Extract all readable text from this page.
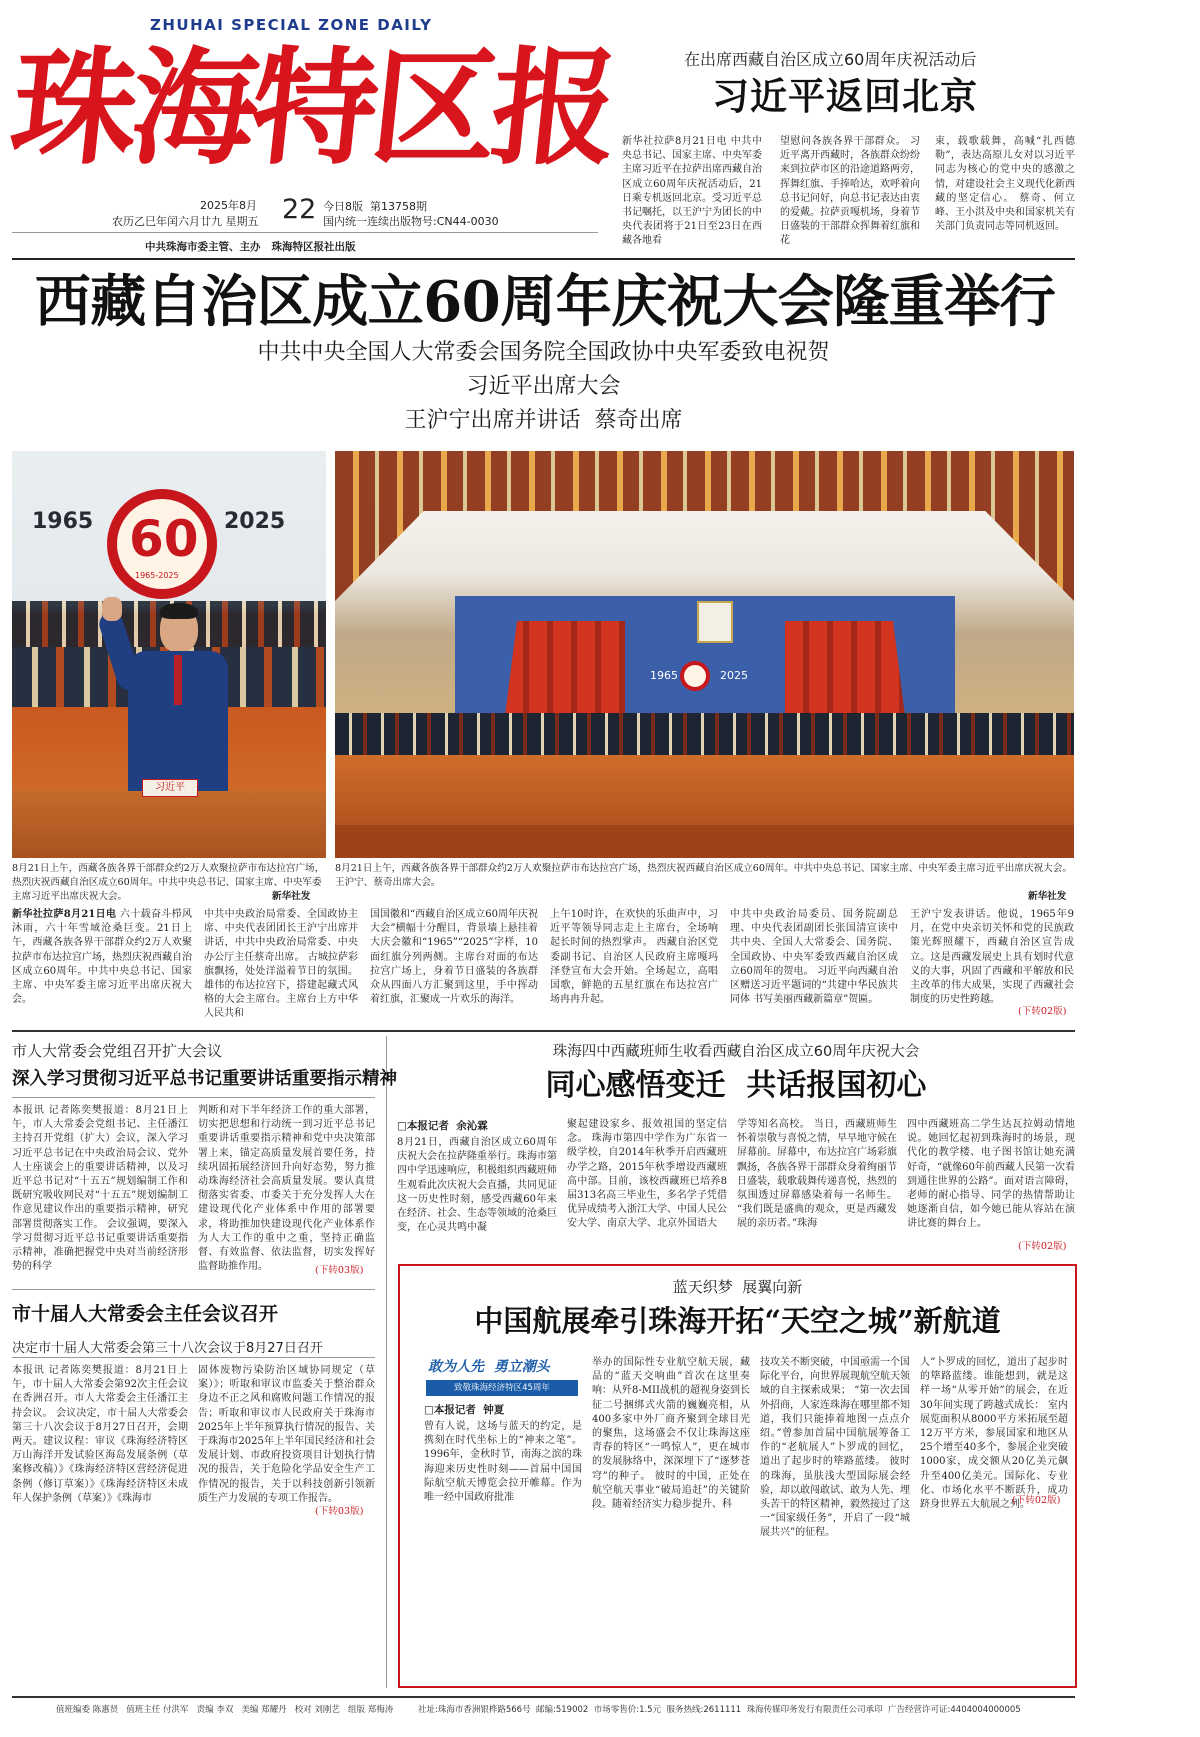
ZHUHAI SPECIAL ZONE DAILY
珠海特区报
2025年8月
农历乙巳年闰六月廿九 星期五 22 今日8版 第13758期
国内统一连续出版物号:CN44-0030
中共珠海市委主管、主办   珠海特区报社出版
在出席西藏自治区成立60周年庆祝活动后
习近平返回北京
新华社拉萨8月21日电 中共中央总书记、国家主席、中央军委主席习近平在拉萨出席西藏自治区成立60周年庆祝活动后，21日乘专机返回北京。受习近平总书记嘱托，以王沪宁为团长的中央代表团将于21日至23日在西藏各地看
望慰问各族各界干部群众。 习近平离开西藏时，各族群众纷纷来到拉萨市区的沿途道路两旁，挥舞红旗、手捧哈达，欢呼着向总书记问好，向总书记表达由衷的爱戴。拉萨贡嘎机场，身着节日盛装的干部群众挥舞着红旗和花
束，载歌载舞，高喊“扎西德勒”，表达高原儿女对以习近平同志为核心的党中央的感激之情，对建设社会主义现代化新西藏的坚定信心。 蔡奇、何立峰、王小洪及中央和国家机关有关部门负责同志等同机返回。
西藏自治区成立60周年庆祝大会隆重举行
中共中央全国人大常委会国务院全国政协中央军委致电祝贺
习近平出席大会
王沪宁出席并讲话  蔡奇出席
1965	2025
60
1965-2025
习近平
1965	2025
8月21日上午，西藏各族各界干部群众约2万人欢聚拉萨市布达拉宫广场，热烈庆祝西藏自治区成立60周年。中共中央总书记、国家主席、中央军委主席习近平出席庆祝大会。	新华社发
8月21日上午，西藏各族各界干部群众约2万人欢聚拉萨市布达拉宫广场，热烈庆祝西藏自治区成立60周年。中共中央总书记、国家主席、中央军委主席习近平出席庆祝大会。王沪宁、蔡奇出席大会。
新华社发
新华社拉萨8月21日电 六十载奋斗栉风沐雨，六十年雪域沧桑巨变。21日上午，西藏各族各界干部群众约2万人欢聚拉萨市布达拉宫广场，热烈庆祝西藏自治区成立60周年。中共中央总书记、国家主席、中央军委主席习近平出席庆祝大会。
中共中央政治局常委、全国政协主席、中央代表团团长王沪宁出席并讲话，中共中央政治局常委、中央办公厅主任蔡奇出席。 古城拉萨彩旗飘扬，处处洋溢着节日的氛围。雄伟的布达拉宫下，搭建起藏式风格的大会主席台。主席台上方中华人民共和
国国徽和“西藏自治区成立60周年庆祝大会”横幅十分醒目，背景墙上悬挂着大庆会徽和“1965”“2025”字样，10面红旗分列两侧。主席台对面的布达拉宫广场上，身着节日盛装的各族群众从四面八方汇聚到这里，手中挥动着红旗，汇聚成一片欢乐的海洋。
上午10时许，在欢快的乐曲声中，习近平等领导同志走上主席台，全场响起长时间的热烈掌声。 西藏自治区党委副书记、自治区人民政府主席嘎玛泽登宣布大会开始。全场起立，高唱国歌，鲜艳的五星红旗在布达拉宫广场冉冉升起。
中共中央政治局委员、国务院副总理、中央代表团副团长张国清宣读中共中央、全国人大常委会、国务院、全国政协、中央军委致西藏自治区成立60周年的贺电。 习近平向西藏自治区赠送习近平题词的“共建中华民族共同体 书写美丽西藏新篇章”贺匾。
王沪宁发表讲话。他说，1965年9月，在党中央亲切关怀和党的民族政策光辉照耀下，西藏自治区宣告成立。这是西藏发展史上具有划时代意义的大事，巩固了西藏和平解放和民主改革的伟大成果，实现了西藏社会制度的历史性跨越。
(下转02版)
市人大常委会党组召开扩大会议
深入学习贯彻习近平总书记重要讲话重要指示精神
本报讯 记者陈奕樊报道：8月21日上午，市人大常委会党组书记、主任潘江主持召开党组（扩大）会议，深入学习习近平总书记在中央政治局会议、党外人士座谈会上的重要讲话精神，以及习近平总书记对“十五五”规划编制工作和既研究吸收网民对“十五五”规划编制工作意见建议作出的重要指示精神，研究部署贯彻落实工作。 会议强调，要深入学习贯彻习近平总书记重要讲话重要指示精神，准确把握党中央对当前经济形势的科学
判断和对下半年经济工作的重大部署，切实把思想和行动统一到习近平总书记重要讲话重要指示精神和党中央决策部署上来，锚定高质量发展首要任务，持续巩固拓展经济回升向好态势，努力推动珠海经济社会高质量发展。要认真贯彻落实省委、市委关于充分发挥人大在建设现代化产业体系中作用的部署要求，将助推加快建设现代化产业体系作为人大工作的重中之重，坚持正确监督、有效监督、依法监督，切实发挥好监督助推作用。	(下转03版)
市十届人大常委会主任会议召开
决定市十届人大常委会第三十八次会议于8月27日召开
本报讯 记者陈奕樊报道：8月21日上午，市十届人大常委会第92次主任会议在香洲召开。市人大常委会主任潘江主持会议。 会议决定，市十届人大常委会第三十八次会议于8月27日召开，会期两天。建议议程：审议《珠海经济特区万山海洋开发试验区海岛发展条例（草案修改稿）》《珠海经济特区营经济促进条例（修订草案）》《珠海经济特区未成年人保护条例（草案）》《珠海市
固体废物污染防治区域协同规定（草案）》；听取和审议市监委关于整治群众身边不正之风和腐败问题工作情况的报告；听取和审议市人民政府关于珠海市2025年上半年预算执行情况的报告、关于珠海市2025年上半年国民经济和社会发展计划、市政府投资项目计划执行情况的报告，关于危险化学品安全生产工作情况的报告，关于以科技创新引领新质生产力发展的专项工作报告。
(下转03版)
珠海四中西藏班师生收看西藏自治区成立60周年庆祝大会
同心感悟变迁  共话报国初心
□本报记者  余沁霖
8月21日，西藏自治区成立60周年庆祝大会在拉萨隆重举行。珠海市第四中学迅速响应，积极组织西藏班师生观看此次庆祝大会直播，共同见证这一历史性时刻，感受西藏60年来在经济、社会、生态等领域的沧桑巨变，在心灵共鸣中凝
聚起建设家乡、报效祖国的坚定信念。 珠海市第四中学作为广东省一级学校，自2014年秋季开启西藏班办学之路，2015年秋季增设西藏班高中部。目前，该校西藏班已培养8届313名高三毕业生，多名学子凭借优异成绩考入浙江大学、中国人民公安大学、南京大学、北京外国语大
学等知名高校。 当日，西藏班师生怀着崇敬与喜悦之情，早早地守候在屏幕前。屏幕中，布达拉宫广场彩旗飘扬，各族各界干部群众身着绚丽节日盛装，载歌载舞传递喜悦，热烈的氛围透过屏幕感染着每一名师生。 “我们既是盛典的观众，更是西藏发展的亲历者。”珠海
四中西藏班高二学生达瓦拉姆动情地说。她回忆起初到珠海时的场景，现代化的教学楼、电子图书馆让她充满好奇，“就像60年前西藏人民第一次看到通往世界的公路”。面对语言障碍，老师的耐心指导、同学的热情帮助让她逐渐自信，如今她已能从容站在演讲比赛的舞台上。
(下转02版)
蓝天织梦  展翼向新
中国航展牵引珠海开拓“天空之城”新航道
敢为人先  勇立潮头
致敬珠海经济特区45周年
□本报记者  钟夏
曾有人说，这场与蓝天的约定，是携刻在时代坐标上的“神来之笔”。 1996年，金秋时节，南海之滨的珠海迎来历史性时刻——首届中国国际航空航天博览会拉开帷幕。作为唯一经中国政府批准
举办的国际性专业航空航天展，藏品的“蓝天交响曲”首次在这里奏响：从歼8-MII战机的超视身姿到长征二号捆绑式火箭的巍巍亮相，从400多家中外厂商齐聚到全球目光的聚焦，这场盛会不仅让珠海这座青春的特区“一鸣惊人”，更在城市的发展脉络中，深深埋下了“逐梦苍穹”的种子。 彼时的中国，正处在航空航天事业“破局追赶”的关键阶段。随着经济实力稳步提升、科
技攻关不断突破，中国亟需一个国际化平台，向世界展现航空航天领域的自主探索成果； “第一次去国外招商，人家连珠海在哪里都不知道，我们只能捧着地图一点点介绍。”曾参加首届中国航展筹备工作的“老航展人”卜罗成的回忆，道出了起步时的筚路蓝缕。 彼时的珠海，虽肤浅大型国际展会经验，却以敢闯敢试、敢为人先、埋头苦干的特区精神，毅然接过了这一“国家级任务”，开启了一段“城展共兴”的征程。
人”卜罗成的回忆，道出了起步时的筚路蓝缕。谁能想到，就是这样一场“从零开始”的展会，在近30年间实现了跨越式成长： 室内展览面积从8000平方米拓展至超12万平方米，参展国家和地区从25个增至40多个，参展企业突破1000家，成交额从20亿美元飙升至400亿美元。国际化、专业化、市场化水平不断跃升，成功跻身世界五大航展之列。
(下转02版)
值班编委 陈惠贤   值班主任 付洪军   责编 李双   美编 郑耀丹   校对 刘刚艺   组版 郑梅涛	社址:珠海市香洲银桦路566号  邮编:519002  市场零售价:1.5元  服务热线:2611111  珠海传媒印务发行有限责任公司承印  广告经营许可证:4404004000005
